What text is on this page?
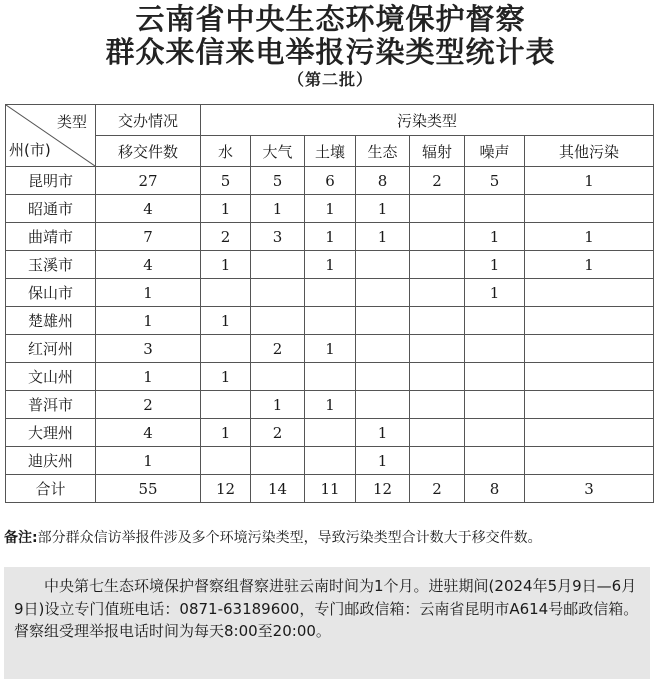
云南省中央生态环境保护督察
群众来信来电举报污染类型统计表
（第二批）
类型
州(市)	交办情况	污染类型						
	移交件数	水	大气	土壤	生态	辐射	噪声	其他污染
昆明市	27	5	5	6	8	2	5	1
昭通市	4	1	1	1	1			
曲靖市	7	2	3	1	1		1	1
玉溪市	4	1		1			1	1
保山市	1						1	
楚雄州	1	1						
红河州	3		2	1				
文山州	1	1						
普洱市	2		1	1				
大理州	4	1	2		1			
迪庆州	1				1			
合计	55	12	14	11	12	2	8	3
备注:部分群众信访举报件涉及多个环境污染类型，导致污染类型合计数大于移交件数。

中央第七生态环境保护督察组督察进驻云南时间为1个月。进驻期间(2024年5月9日—6月9日)设立专门值班电话：0871-63189600，专门邮政信箱：云南省昆明市A614号邮政信箱。督察组受理举报电话时间为每天8:00至20:00。
